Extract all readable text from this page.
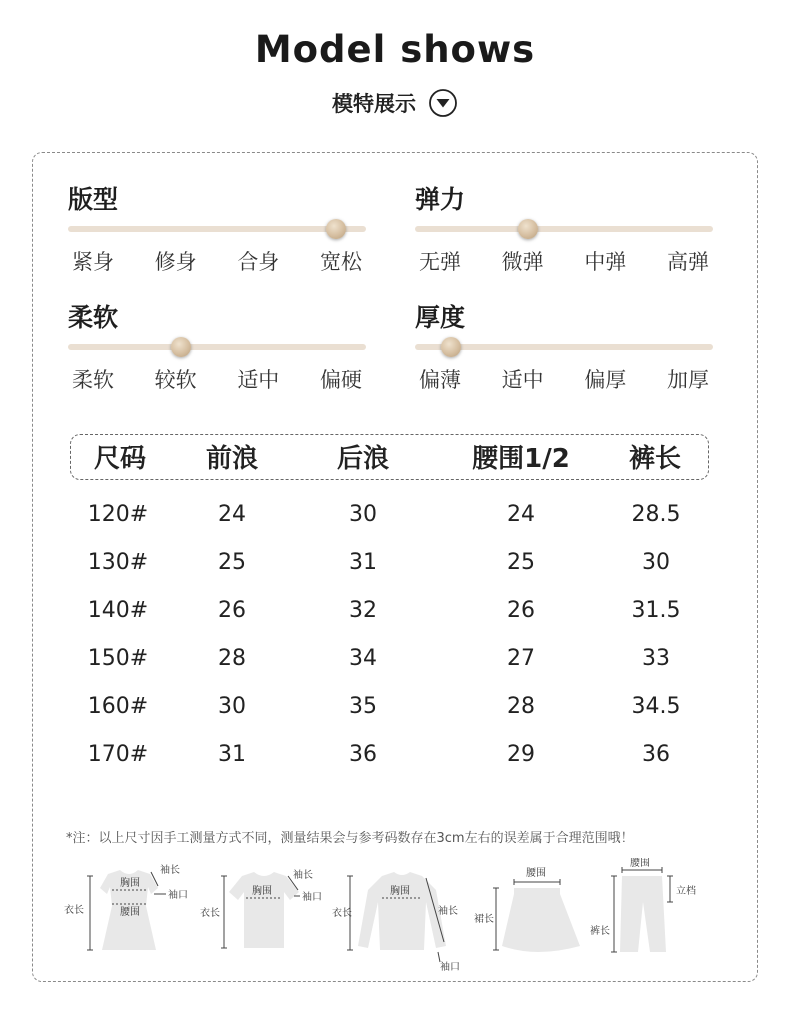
Model shows
模特展示
版型
紧身 修身 合身 宽松
弹力
无弹 微弹 中弹 高弹
柔软
柔软 较软 适中 偏硬
厚度
偏薄 适中 偏厚 加厚
尺码 前浪	后浪	腰围1/2 裤长
120#	24	30	24	28.5
130#	25	31	25	30
140#	26	32	26	31.5
150#	28	34	27	33
160#	30	35	28	34.5
170#	31	36	29	36
*注：以上尺寸因手工测量方式不同，测量结果会与参考码数存在3cm左右的误差属于合理范围哦！
衣长
胸围
腰围
袖长
袖口
衣长
胸围
袖长
袖口
衣长
胸围
袖长
袖口
腰围
裙长
腰围
立档
裤长
